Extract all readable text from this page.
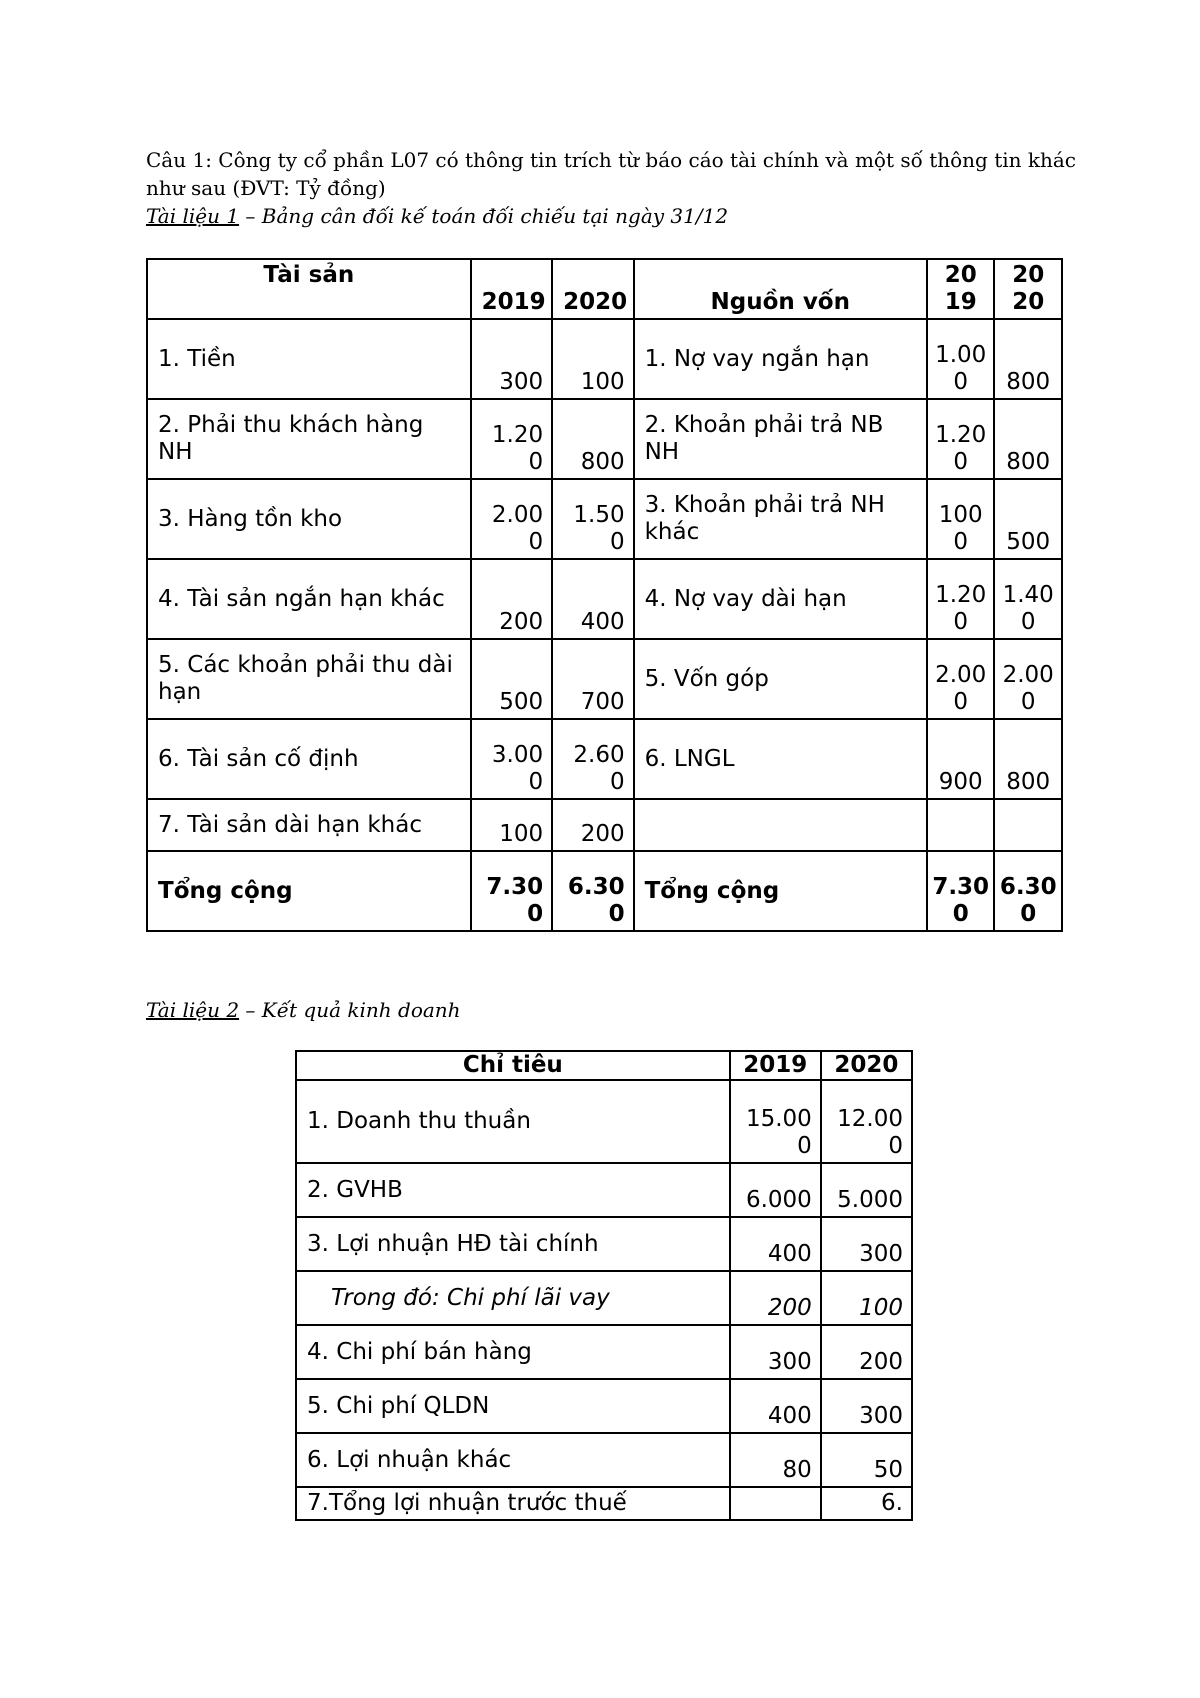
Câu 1: Công ty cổ phần L07 có thông tin trích từ báo cáo tài chính và một số thông tin khác như sau (ĐVT: Tỷ đồng)

Tài liệu 1 – Bảng cân đối kế toán đối chiếu tại ngày 31/12

Tài sản	2019	2020	Nguồn vốn	2019	2020
1. Tiền	300	100	1. Nợ vay ngắn hạn	1.000	800
2. Phải thu khách hàng NH	1.200	800	2. Khoản phải trả NB NH	1.200	800
3. Hàng tồn kho	2.000	1.500	3. Khoản phải trả NH khác	1000	500
4. Tài sản ngắn hạn khác	200	400	4. Nợ vay dài hạn	1.200	1.400
5. Các khoản phải thu dài hạn	500	700	5. Vốn góp	2.000	2.000
6. Tài sản cố định	3.000	2.600	6. LNGL	900	800
7. Tài sản dài hạn khác	100	200			
Tổng cộng	7.300	6.300	Tổng cộng	7.300	6.300

Tài liệu 2 – Kết quả kinh doanh

Chỉ tiêu	2019	2020
1. Doanh thu thuần	15.000	12.000
2. GVHB	6.000	5.000
3. Lợi nhuận HĐ tài chính	400	300
Trong đó: Chi phí lãi vay	200	100
4. Chi phí bán hàng	300	200
5. Chi phí QLDN	400	300
6. Lợi nhuận khác	80	50
7.Tổng lợi nhuận trước thuế		6.
